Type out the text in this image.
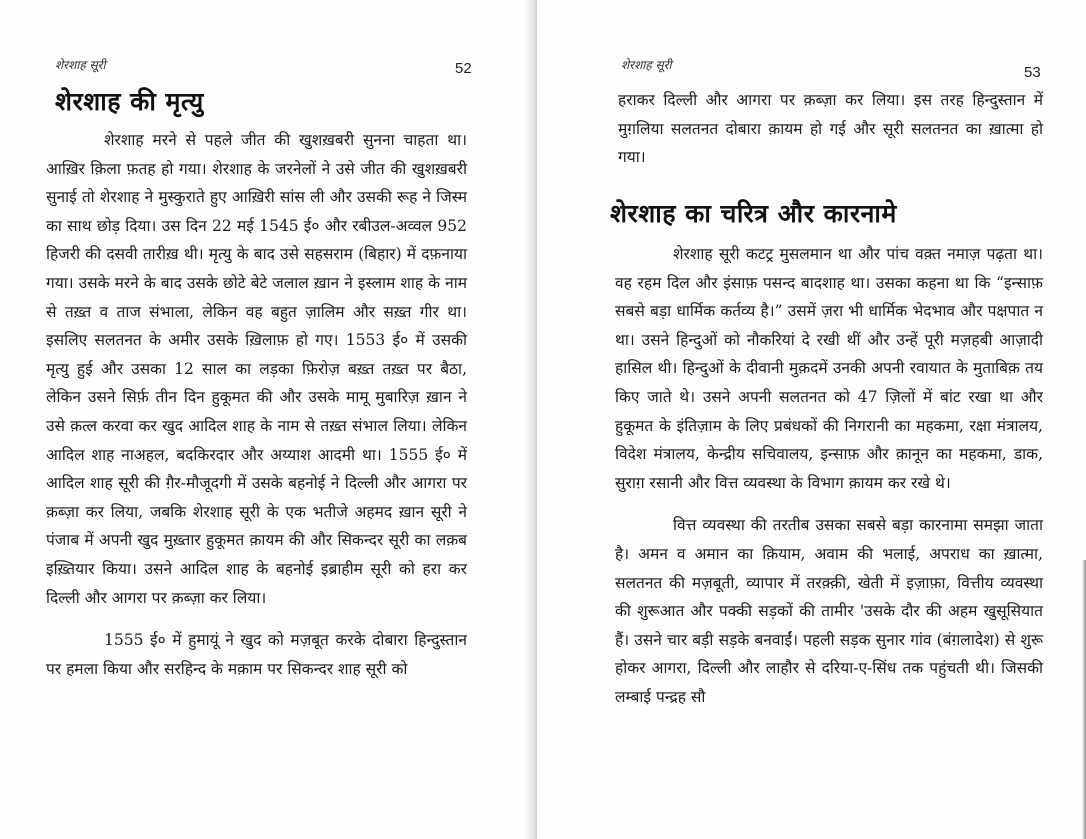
शेरशाह सूरी	52
शेरशाह की मृत्यु

शेरशाह मरने से पहले जीत की खुशख़बरी सुनना चाहता था। आख़िर क़िला फ़तह हो गया। शेरशाह के जरनेलों ने उसे जीत की खुशख़बरी सुनाई तो शेरशाह ने मुस्कुराते हुए आख़िरी सांस ली और उसकी रूह ने जिस्म का साथ छोड़ दिया। उस दिन 22 मई 1545 ई० और रबीउल-अव्वल 952 हिजरी की दसवी तारीख़ थी। मृत्यु के बाद उसे सहसराम (बिहार) में दफ़नाया गया। उसके मरने के बाद उसके छोटे बेटे जलाल ख़ान ने इस्लाम शाह के नाम से तख़्त व ताज संभाला, लेकिन वह बहुत ज़ालिम और सख़्त गीर था। इसलिए सलतनत के अमीर उसके ख़िलाफ़ हो गए। 1553 ई० में उसकी मृत्यु हुई और उसका 12 साल का लड़का फ़िरोज़ बख़्त तख़्त पर बैठा, लेकिन उसने सिर्फ़ तीन दिन हुकूमत की और उसके मामू मुबारिज़ ख़ान ने उसे क़त्ल करवा कर खुद आदिल शाह के नाम से तख़्त संभाल लिया। लेकिन आदिल शाह नाअहल, बदकिरदार और अय्याश आदमी था। 1555 ई० में आदिल शाह सूरी की ग़ैर-मौजूदगी में उसके बहनोई ने दिल्ली और आगरा पर क़ब्ज़ा कर लिया, जबकि शेरशाह सूरी के एक भतीजे अहमद ख़ान सूरी ने पंजाब में अपनी खुद मुख़्तार हुकूमत क़ायम की और सिकन्दर सूरी का लक़ब इख़्तियार किया। उसने आदिल शाह के बहनोई इब्राहीम सूरी को हरा कर दिल्ली और आगरा पर क़ब्ज़ा कर लिया।

1555 ई० में हुमायूं ने खुद को मज़बूत करके दोबारा हिन्दुस्तान पर हमला किया और सरहिन्द के मक़ाम पर सिकन्दर शाह सूरी को

शेरशाह सूरी	53

हराकर दिल्ली और आगरा पर क़ब्ज़ा कर लिया। इस तरह हिन्दुस्तान में मुग़लिया सलतनत दोबारा क़ायम हो गई और सूरी सलतनत का ख़ात्मा हो गया।

शेरशाह का चरित्र और कारनामे

शेरशाह सूरी कटट्र मुसलमान था और पांच वक़्त नमाज़ पढ़ता था। वह रहम दिल और इंसाफ़ पसन्द बादशाह था। उसका कहना था कि “इन्साफ़ सबसे बड़ा धार्मिक कर्तव्य है।” उसमें ज़रा भी धार्मिक भेदभाव और पक्षपात न था। उसने हिन्दुओं को नौकरियां दे रखी थीं और उन्हें पूरी मज़हबी आज़ादी हासिल थी। हिन्दुओं के दीवानी मुक़दमें उनकी अपनी रवायात के मुताबिक़ तय किए जाते थे। उसने अपनी सलतनत को 47 ज़िलों में बांट रखा था और हुकूमत के इंतिज़ाम के लिए प्रबंधकों की निगरानी का महकमा, रक्षा मंत्रालय, विदेश मंत्रालय, केन्द्रीय सचिवालय, इन्साफ़ और क़ानून का महकमा, डाक, सुराग़ रसानी और वित्त व्यवस्था के विभाग क़ायम कर रखे थे।

वित्त व्यवस्था की तरतीब उसका सबसे बड़ा कारनामा समझा जाता है। अमन व अमान का क़ियाम, अवाम की भलाई, अपराध का ख़ात्मा, सलतनत की मज़बूती, व्यापार में तरक़्क़ी, खेती में इज़ाफ़ा, वित्तीय व्यवस्था की शुरूआत और पक्की सड़कों की तामीर 'उसके दौर की अहम खुसूसियात हैं। उसने चार बड़ी सड़के बनवाईं। पहली सड़क सुनार गांव (बंग़लादेश) से शुरू होकर आगरा, दिल्ली और लाहौर से दरिया-ए-सिंध तक पहुंचती थी। जिसकी लम्बाई पन्द्रह सौ
